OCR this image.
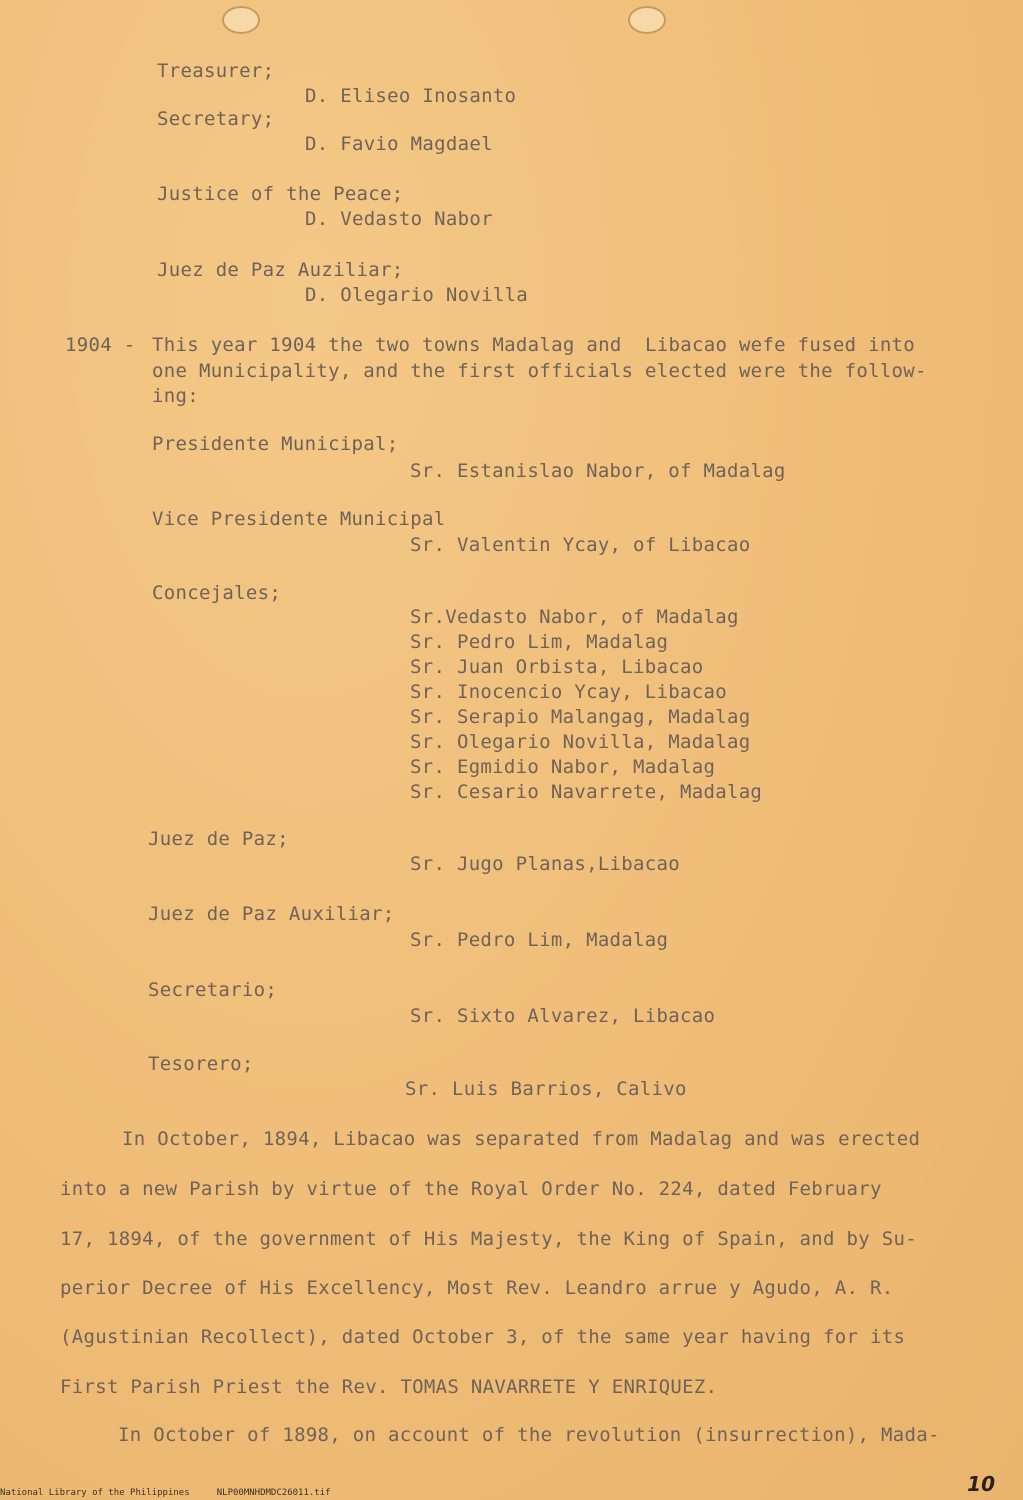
Treasurer;
D. Eliseo Inosanto
Secretary;
D. Favio Magdael
Justice of the Peace;
D. Vedasto Nabor
Juez de Paz Auziliar;
D. Olegario Novilla
1904 - This year 1904 the two towns Madalag and  Libacao wefe fused into
one Municipality, and the first officials elected were the follow-
ing:
Presidente Municipal;
Sr. Estanislao Nabor, of Madalag
Vice Presidente Municipal
Sr. Valentin Ycay, of Libacao
Concejales;
Sr.Vedasto Nabor, of Madalag
Sr. Pedro Lim, Madalag
Sr. Juan Orbista, Libacao
Sr. Inocencio Ycay, Libacao
Sr. Serapio Malangag, Madalag
Sr. Olegario Novilla, Madalag
Sr. Egmidio Nabor, Madalag
Sr. Cesario Navarrete, Madalag
Juez de Paz;
Sr. Jugo Planas,Libacao
Juez de Paz Auxiliar;
Sr. Pedro Lim, Madalag
Secretario;
Sr. Sixto Alvarez, Libacao
Tesorero;
Sr. Luis Barrios, Calivo
In October, 1894, Libacao was separated from Madalag and was erected
into a new Parish by virtue of the Royal Order No. 224, dated February
17, 1894, of the government of His Majesty, the King of Spain, and by Su-
perior Decree of His Excellency, Most Rev. Leandro arrue y Agudo, A. R.
(Agustinian Recollect), dated October 3, of the same year having for its
First Parish Priest the Rev. TOMAS NAVARRETE Y ENRIQUEZ.
In October of 1898, on account of the revolution (insurrection), Mada-
National Library of the Philippines	NLP00MNHDMDC26011.tif	10
